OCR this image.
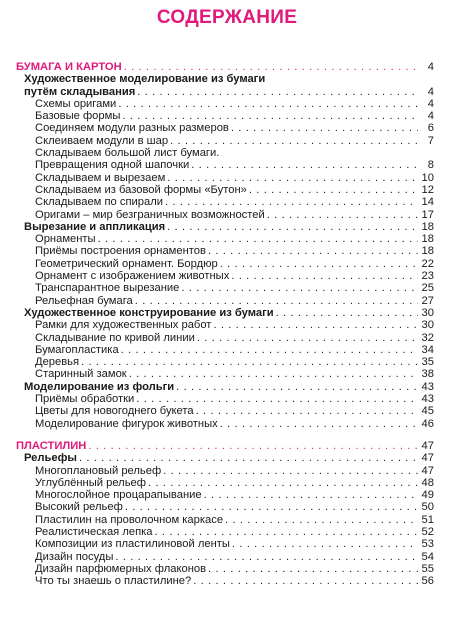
СОДЕРЖАНИЕ
БУМАГА И КАРТОН . . .	4
Художественное моделирование из бумаги
путём складывания . . .	4
Схемы оригами . . .	4
Базовые формы . . .	4
Соединяем модули разных размеров . . .	6
Склеиваем модули в шар . . .	7
Складываем большой лист бумаги.
Превращения одной шапочки . . .	8
Складываем и вырезаем . . .	10
Складываем из базовой формы «Бутон» . . .	12
Складываем по спирали . . .	14
Оригами – мир безграничных возможностей . . .	17
Вырезание и аппликация . . .	18
Орнаменты . . .	18
Приёмы построения орнаментов . . .	18
Геометрический орнамент. Бордюр . . .	22
Орнамент с изображением животных . . .	23
Транспарантное вырезание . . .	25
Рельефная бумага . . .	27
Художественное конструирование из бумаги . . .	30
Рамки для художественных работ . . .	30
Складывание по кривой линии . . .	32
Бумагопластика . . .	34
Деревья . . .	35
Старинный замок . . .	38
Моделирование из фольги . . .	43
Приёмы обработки . . .	43
Цветы для новогоднего букета . . .	45
Моделирование фигурок животных . . .	46
ПЛАСТИЛИН . . .	47
Рельефы . . .	47
Многоплановый рельеф . . .	47
Углублённый рельеф . . .	48
Многослойное процарапывание . . .	49
Высокий рельеф . . .	50
Пластилин на проволочном каркасе . . .	51
Реалистическая лепка . . .	52
Композиции из пластилиновой ленты . . .	53
Дизайн посуды . . .	54
Дизайн парфюмерных флаконов . . .	55
Что ты знаешь о пластилине? . . .	56
